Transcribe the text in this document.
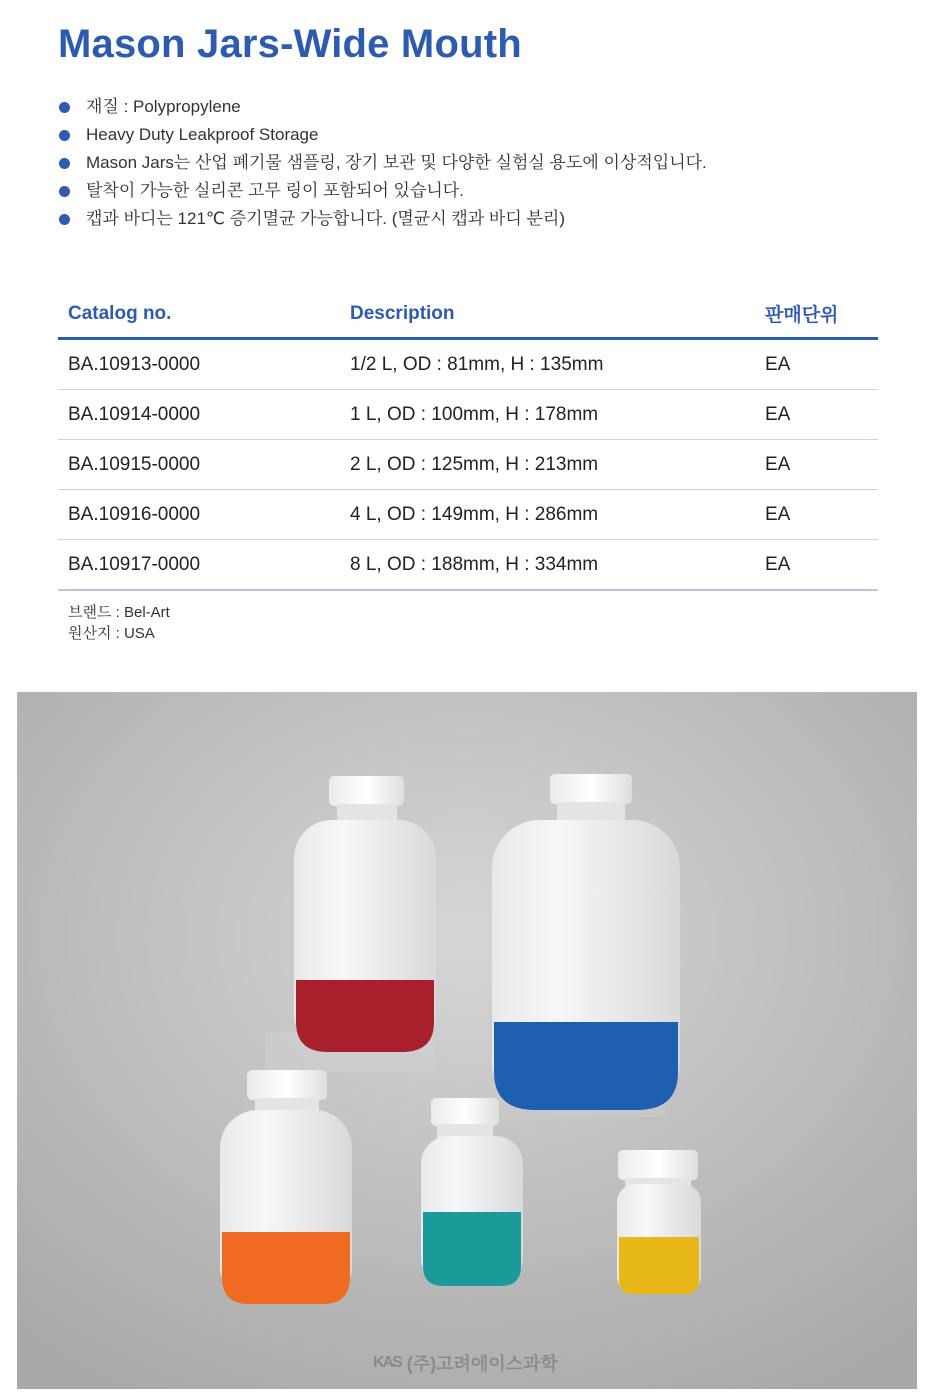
Mason Jars-Wide Mouth
재질 : Polypropylene
Heavy Duty Leakproof Storage
Mason Jars는 산업 폐기물 샘플링, 장기 보관 및 다양한 실험실 용도에 이상적입니다.
탈착이 가능한 실리콘 고무 링이 포함되어 있습니다.
캡과 바디는 121℃ 증기멸균 가능합니다. (멸균시 캡과 바디 분리)
Catalog no.	Description	판매단위
BA.10913-0000	1/2 L, OD : 81mm, H : 135mm	EA
BA.10914-0000	1 L, OD : 100mm, H : 178mm	EA
BA.10915-0000	2 L, OD : 125mm, H : 213mm	EA
BA.10916-0000	4 L, OD : 149mm, H : 286mm	EA
BA.10917-0000	8 L, OD : 188mm, H : 334mm	EA
브랜드 : Bel-Art
원산지 : USA
KAS (주)고려에이스과학
